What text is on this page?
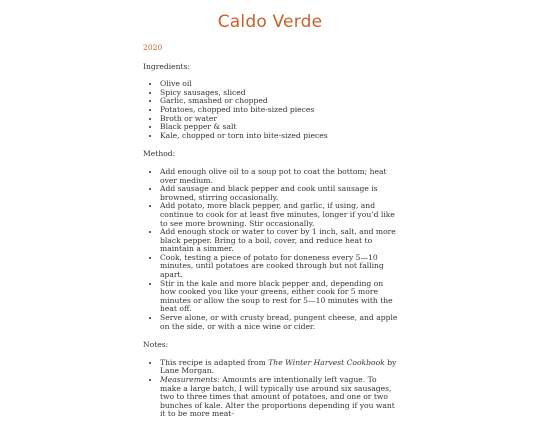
Caldo Verde
2020

Ingredients:

• Olive oil
• Spicy sausages, sliced
• Garlic, smashed or chopped
• Potatoes, chopped into bite-sized pieces
• Broth or water
• Black pepper & salt
• Kale, chopped or torn into bite-sized pieces

Method:

• Add enough olive oil to a soup pot to coat the bottom; heat over medium.
• Add sausage and black pepper and cook until sausage is browned, stirring occasionally.
• Add potato, more black pepper, and garlic, if using, and continue to cook for at least five minutes, longer if you’d like to see more browning. Stir occasionally.
• Add enough stock or water to cover by 1 inch, salt, and more black pepper. Bring to a boil, cover, and reduce heat to maintain a simmer.
• Cook, testing a piece of potato for doneness every 5—10 minutes, until potatoes are cooked through but not falling apart.
• Stir in the kale and more black pepper and, depending on how cooked you like your greens, either cook for 5 more minutes or allow the soup to rest for 5—10 minutes with the heat off.
• Serve alone, or with crusty bread, pungent cheese, and apple on the side, or with a nice wine or cider.

Notes:

• This recipe is adapted from The Winter Harvest Cookbook by Lane Morgan.
• Measurements: Amounts are intentionally left vague. To make a large batch, I will typically use around six sausages, two to three times that amount of potatoes, and one or two bunches of kale. Alter the proportions depending if you want it to be more meat-
